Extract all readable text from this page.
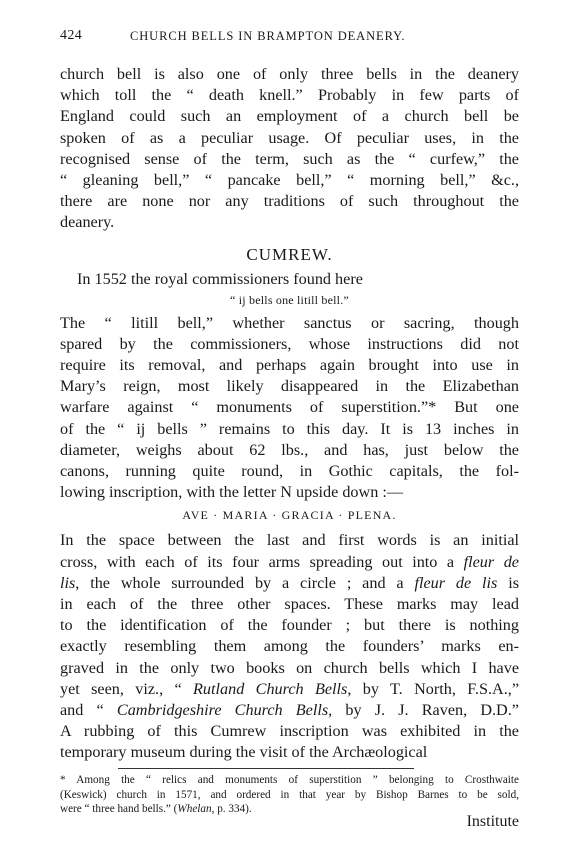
424	CHURCH BELLS IN BRAMPTON DEANERY.

church bell is also one of only three bells in the deanery
which toll the “ death knell.” Probably in few parts of
England could such an employment of a church bell be
spoken of as a peculiar usage. Of peculiar uses, in the
recognised sense of the term, such as the “ curfew,” the
“ gleaning bell,” “ pancake bell,” “ morning bell,” &c.,
there are none nor any traditions of such throughout the
deanery.

CUMREW.
In 1552 the royal commissioners found here
“ ij bells one litill bell.”

The “ litill bell,” whether sanctus or sacring, though
spared by the commissioners, whose instructions did not
require its removal, and perhaps again brought into use in
Mary’s reign, most likely disappeared in the Elizabethan
warfare against “ monuments of superstition.”* But one
of the “ ij bells ” remains to this day. It is 13 inches in
diameter, weighs about 62 lbs., and has, just below the
canons, running quite round, in Gothic capitals, the fol-
lowing inscription, with the letter N upside down :—

AVE · MARIA · GRACIA · PLENA.

In the space between the last and first words is an initial
cross, with each of its four arms spreading out into a fleur de
lis, the whole surrounded by a circle ; and a fleur de lis is
in each of the three other spaces. These marks may lead
to the identification of the founder ; but there is nothing
exactly resembling them among the founders’ marks en-
graved in the only two books on church bells which I have
yet seen, viz., “ Rutland Church Bells, by T. North, F.S.A.,”
and “ Cambridgeshire Church Bells, by J. J. Raven, D.D.”
A rubbing of this Cumrew inscription was exhibited in the
temporary museum during the visit of the Archæological

* Among the “ relics and monuments of superstition ” belonging to Crosthwaite
(Keswick) church in 1571, and ordered in that year by Bishop Barnes to be sold,
were “ three hand bells.” (Whelan, p. 334).
Institute
